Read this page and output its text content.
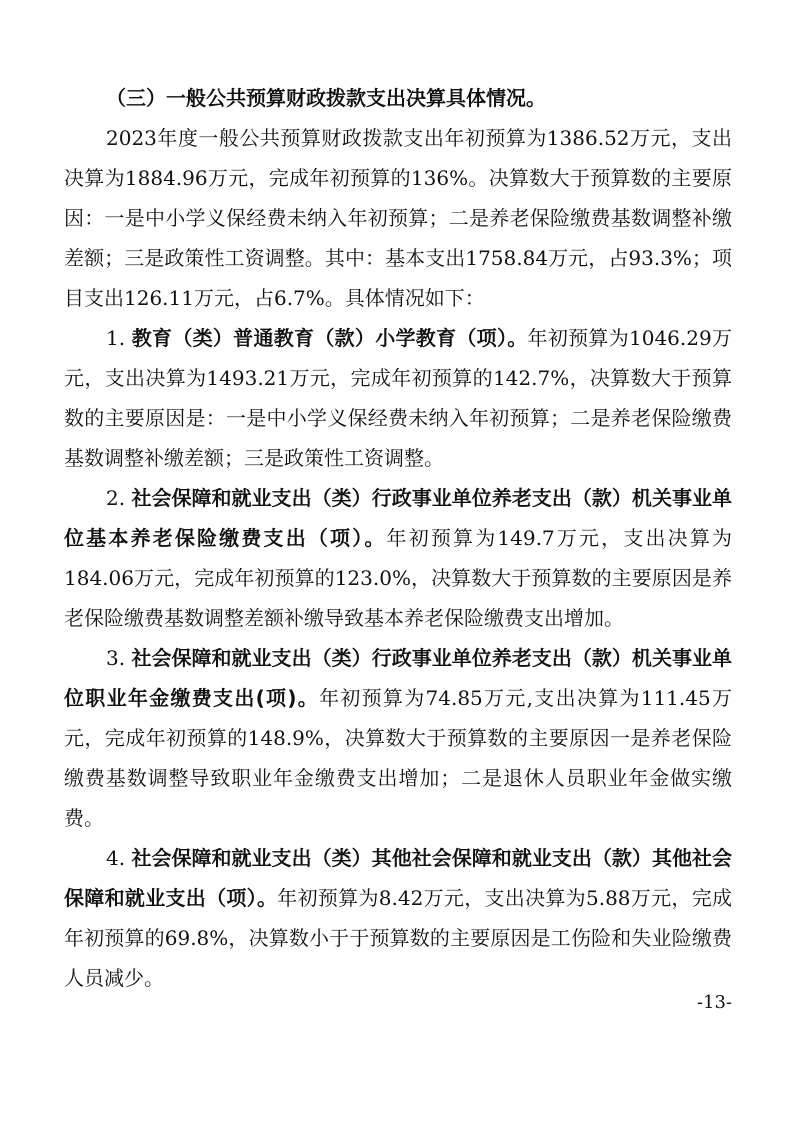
（三）一般公共预算财政拨款支出决算具体情况。

2023年度一般公共预算财政拨款支出年初预算为1386.52万元，支出决算为1884.96万元，完成年初预算的136%。决算数大于预算数的主要原因：一是中小学义保经费未纳入年初预算；二是养老保险缴费基数调整补缴差额；三是政策性工资调整。其中：基本支出1758.84万元，占93.3%；项目支出126.11万元，占6.7%。具体情况如下：

1. 教育（类）普通教育（款）小学教育（项）。年初预算为1046.29万元，支出决算为1493.21万元，完成年初预算的142.7%，决算数大于预算数的主要原因是：一是中小学义保经费未纳入年初预算；二是养老保险缴费基数调整补缴差额；三是政策性工资调整。

2. 社会保障和就业支出（类）行政事业单位养老支出（款）机关事业单位基本养老保险缴费支出（项）。年初预算为149.7万元，支出决算为184.06万元，完成年初预算的123.0%，决算数大于预算数的主要原因是养老保险缴费基数调整差额补缴导致基本养老保险缴费支出增加。

3. 社会保障和就业支出（类）行政事业单位养老支出（款）机关事业单位职业年金缴费支出(项)。年初预算为74.85万元,支出决算为111.45万元，完成年初预算的148.9%，决算数大于预算数的主要原因一是养老保险缴费基数调整导致职业年金缴费支出增加；二是退休人员职业年金做实缴费。

4. 社会保障和就业支出（类）其他社会保障和就业支出（款）其他社会保障和就业支出（项）。年初预算为8.42万元，支出决算为5.88万元，完成年初预算的69.8%，决算数小于于预算数的主要原因是工伤险和失业险缴费人员减少。

-13-
